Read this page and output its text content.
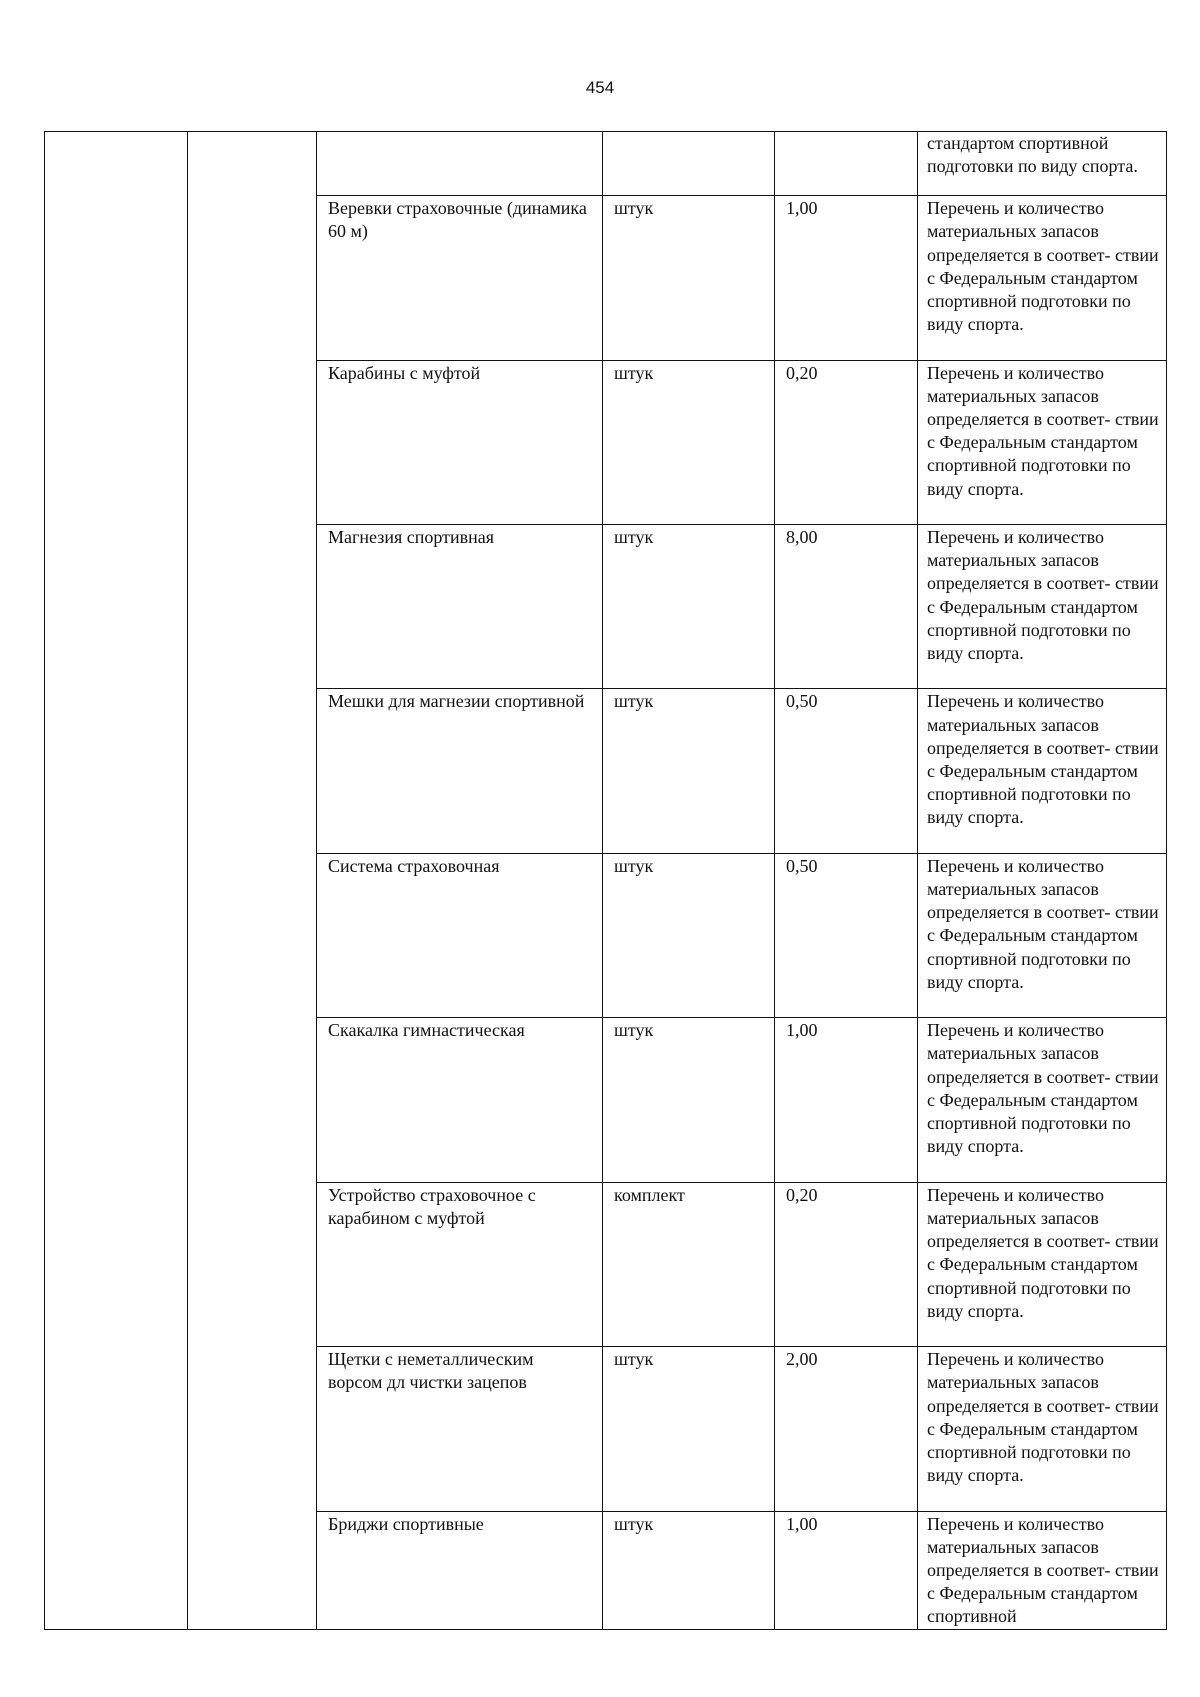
454

					стандартом спортивной подготовки по виду спорта.

		Веревки страховочные (динамика 60 м)	штук	1,00	Перечень и количество материальных запасов определяется в соответ- ствии с Федеральным стандартом спортивной подготовки по виду спорта.

		Карабины с муфтой	штук	0,20	Перечень и количество материальных запасов определяется в соответ- ствии с Федеральным стандартом спортивной подготовки по виду спорта.

		Магнезия спортивная	штук	8,00	Перечень и количество материальных запасов определяется в соответ- ствии с Федеральным стандартом спортивной подготовки по виду спорта.

		Мешки для магнезии спортивной	штук	0,50	Перечень и количество материальных запасов определяется в соответ- ствии с Федеральным стандартом спортивной подготовки по виду спорта.

		Система страховочная	штук	0,50	Перечень и количество материальных запасов определяется в соответ- ствии с Федеральным стандартом спортивной подготовки по виду спорта.

		Скакалка гимнастическая	штук	1,00	Перечень и количество материальных запасов определяется в соответ- ствии с Федеральным стандартом спортивной подготовки по виду спорта.

		Устройство страховочное с карабином с муфтой	комплект	0,20	Перечень и количество материальных запасов определяется в соответ- ствии с Федеральным стандартом спортивной подготовки по виду спорта.

		Щетки с неметаллическим ворсом дл чистки зацепов	штук	2,00	Перечень и количество материальных запасов определяется в соответ- ствии с Федеральным стандартом спортивной подготовки по виду спорта.

		Бриджи спортивные	штук	1,00	Перечень и количество материальных запасов определяется в соответ- ствии с Федеральным стандартом спортивной
